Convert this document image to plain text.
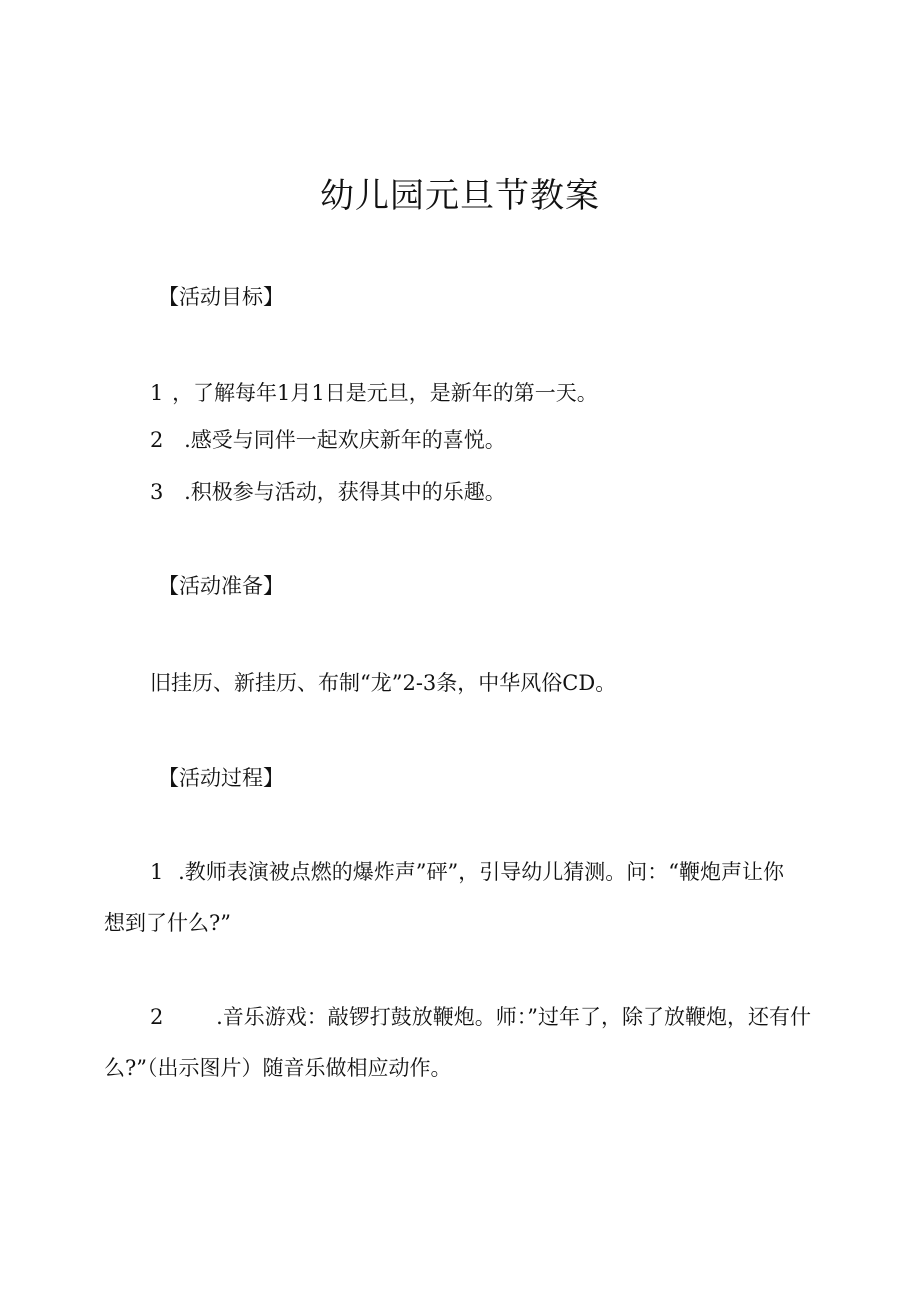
幼儿园元旦节教案
【活动目标】
1 ，了解每年1月1日是元旦，是新年的第一天。
2 .感受与同伴一起欢庆新年的喜悦。
3 .积极参与活动，获得其中的乐趣。
【活动准备】
旧挂历、新挂历、布制“龙”2-3条，中华风俗CD。
【活动过程】
1 .教师表演被点燃的爆炸声”砰”，引导幼儿猜测。问：“鞭炮声让你
想到了什么?”
2	.音乐游戏：敲锣打鼓放鞭炮。师：”过年了，除了放鞭炮，还有什
么?”（出示图片）随音乐做相应动作。
